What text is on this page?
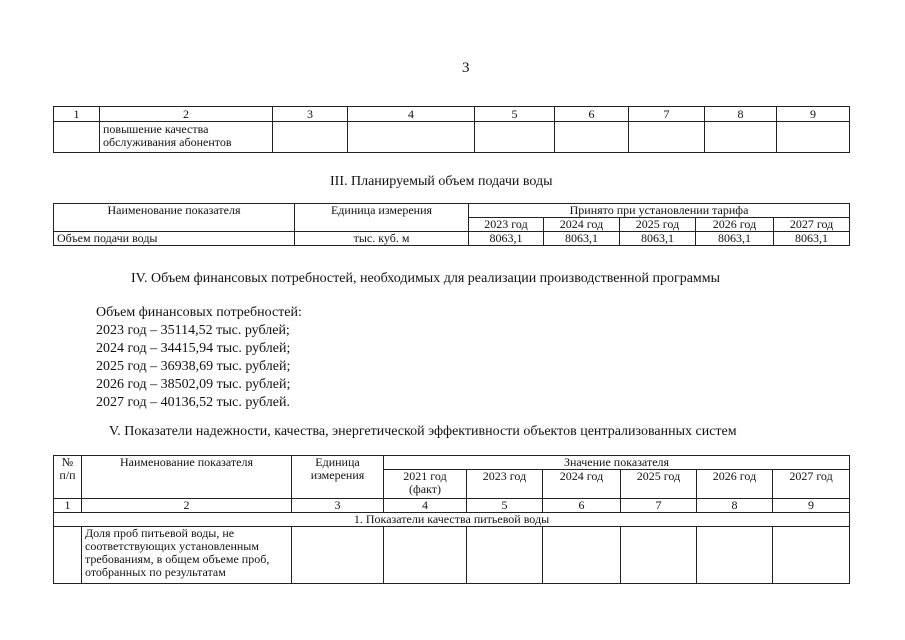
3
1	2	3	4	5	6	7	8	9
	повышение качества обслуживания абонентов							
III. Планируемый объем подачи воды
Наименование показателя	Единица измерения	Принято при установлении тарифа				
		2023 год	2024 год	2025 год	2026 год	2027 год
Объем подачи воды	тыс. куб. м	8063,1	8063,1	8063,1	8063,1	8063,1
IV. Объем финансовых потребностей, необходимых для реализации производственной программы
Объем финансовых потребностей:
2023 год – 35114,52 тыс. рублей;
2024 год – 34415,94 тыс. рублей;
2025 год – 36938,69 тыс. рублей;
2026 год – 38502,09 тыс. рублей;
2027 год – 40136,52 тыс. рублей.
V. Показатели надежности, качества, энергетической эффективности объектов централизованных систем
№ п/п	Наименование показателя	Единица измерения	Значение показателя					
			2021 год (факт)	2023 год	2024 год	2025 год	2026 год	2027 год
1	2	3	4	5	6	7	8	9
1. Показатели качества питьевой воды								
	Доля проб питьевой воды, не соответствующих установленным требованиям, в общем объеме проб, отобранных по результатам							
